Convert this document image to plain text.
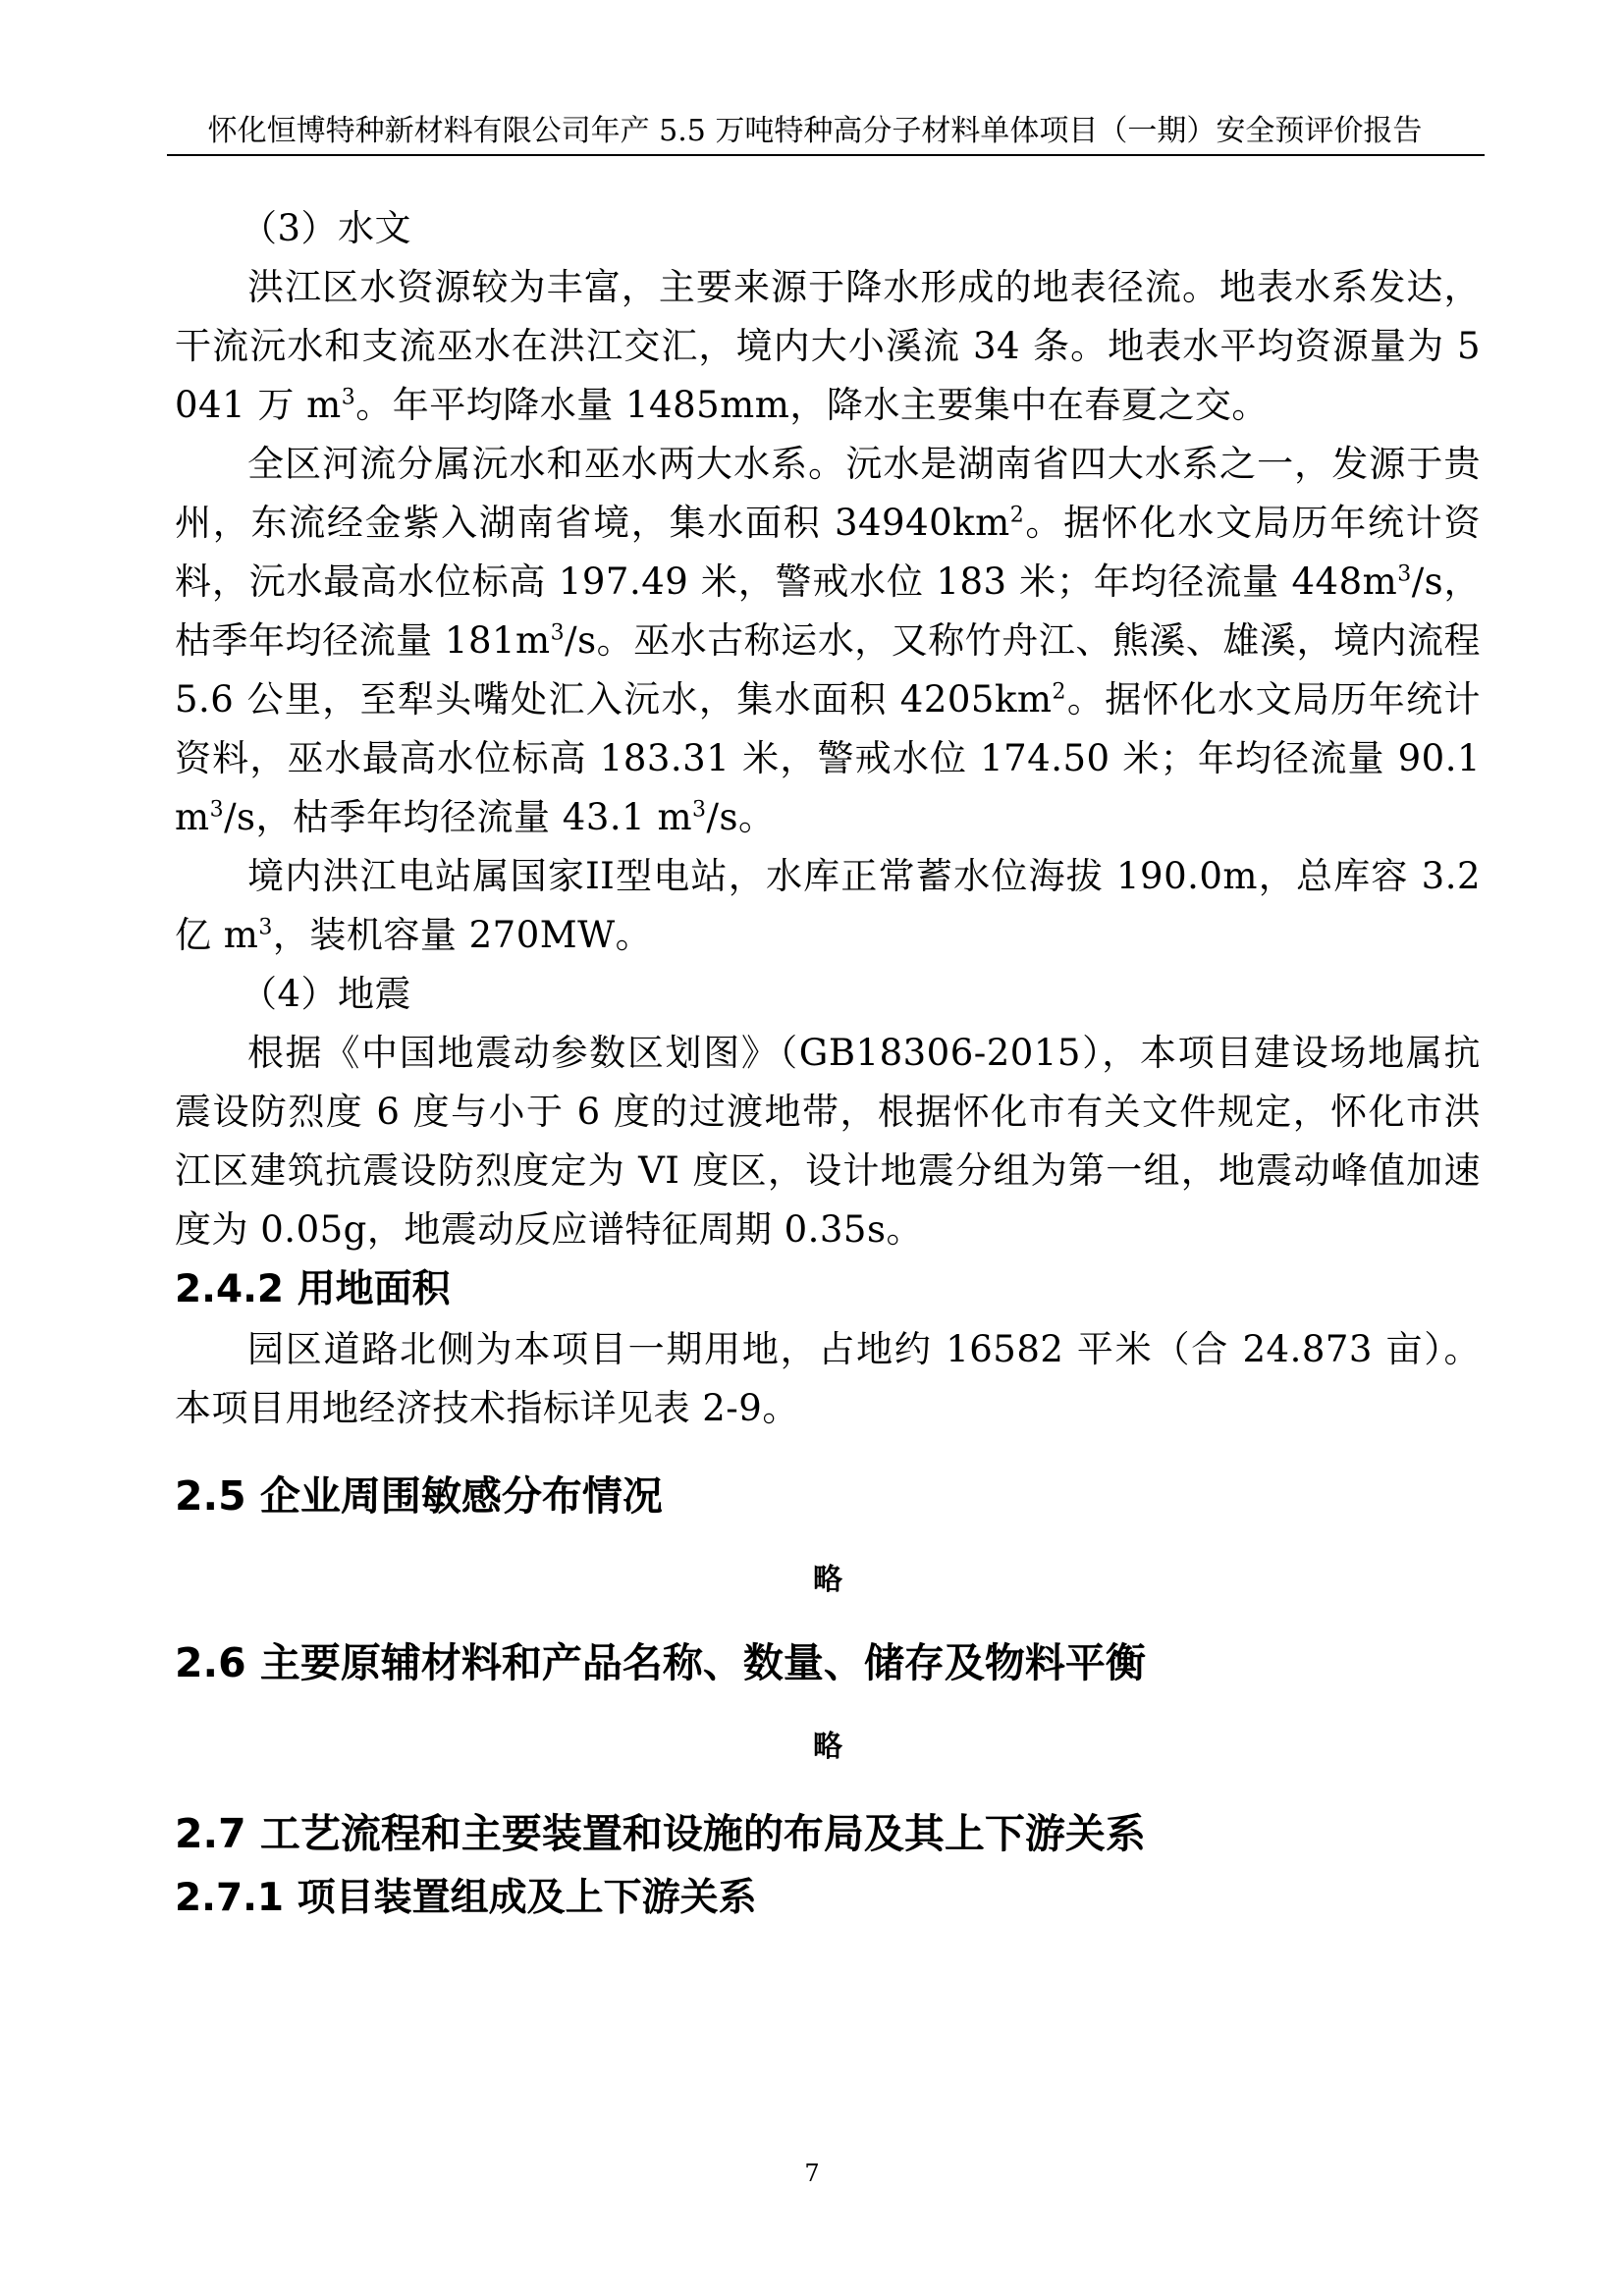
怀化恒博特种新材料有限公司年产 5.5 万吨特种高分子材料单体项目（一期）安全预评价报告

（3）水文

洪江区水资源较为丰富，主要来源于降水形成的地表径流。地表水系发达，干流沅水和支流巫水在洪江交汇，境内大小溪流 34 条。地表水平均资源量为 5041 万 $m^3$。年平均降水量 1485mm，降水主要集中在春夏之交。

全区河流分属沅水和巫水两大水系。沅水是湖南省四大水系之一，发源于贵州，东流经金紫入湖南省境，集水面积 $34940km^2$。据怀化水文局历年统计资料，沅水最高水位标高 197.49 米，警戒水位 183 米；年均径流量 $448m^3/s$，枯季年均径流量 $181m^3/s$。巫水古称运水，又称竹舟江、熊溪、雄溪，境内流程 5.6 公里，至犁头嘴处汇入沅水，集水面积 $4205km^2$。据怀化水文局历年统计资料，巫水最高水位标高 183.31 米，警戒水位 174.50 米；年均径流量 $90.1m^3/s$，枯季年均径流量 43.1 $m^3/s$。

境内洪江电站属国家II型电站，水库正常蓄水位海拔 190.0m，总库容 3.2 亿 $m^3$，装机容量 270MW。

（4）地震

根据《中国地震动参数区划图》（GB18306-2015），本项目建设场地属抗震设防烈度 6 度与小于 6 度的过渡地带，根据怀化市有关文件规定，怀化市洪江区建筑抗震设防烈度定为 VI 度区，设计地震分组为第一组，地震动峰值加速度为 0.05g，地震动反应谱特征周期 0.35s。

2.4.2 用地面积

园区道路北侧为本项目一期用地，占地约 16582 平米（合 24.873 亩）。本项目用地经济技术指标详见表 2-9。

2.5 企业周围敏感分布情况
略
2.6 主要原辅材料和产品名称、数量、储存及物料平衡
略
2.7 工艺流程和主要装置和设施的布局及其上下游关系
2.7.1 项目装置组成及上下游关系
7
